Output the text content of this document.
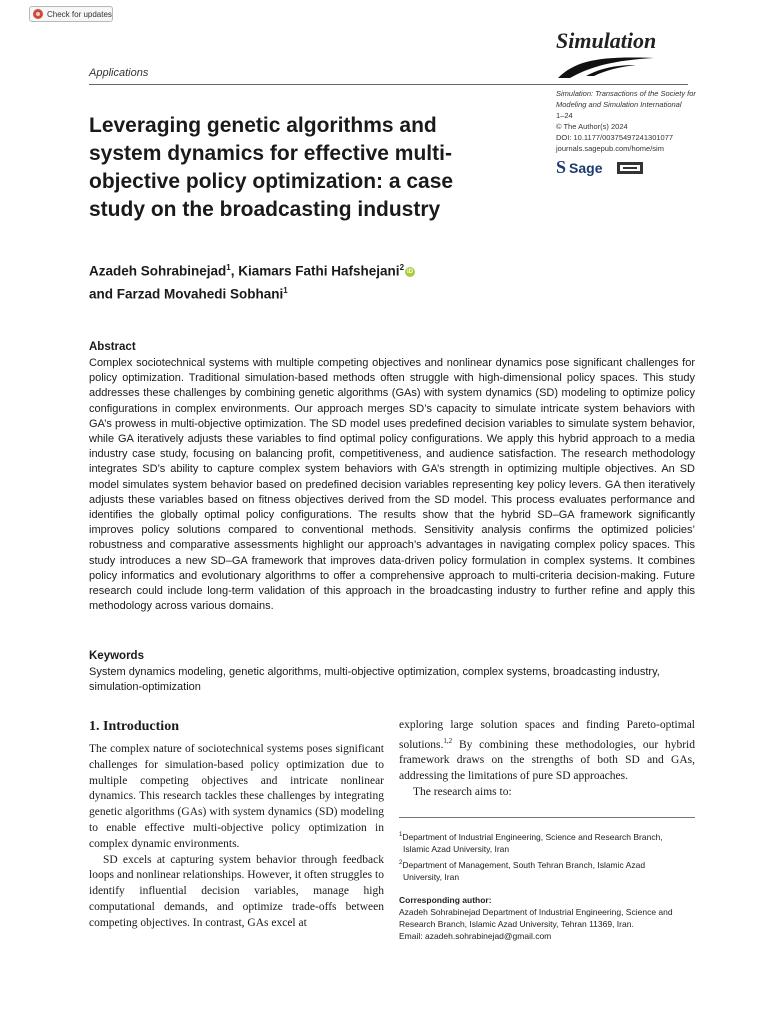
Check for updates
Simulation
Applications
Simulation: Transactions of the Society for Modeling and Simulation International
1–24
© The Author(s) 2024
DOI: 10.1177/00375497241301077
journals.sagepub.com/home/sim
S Sage
Leveraging genetic algorithms and system dynamics for effective multi-objective policy optimization: a case study on the broadcasting industry
Azadeh Sohrabinejad$^1$, Kiamars Fathi Hafshejani$^2$ iD
and Farzad Movahedi Sobhani$^1$
Abstract
Complex sociotechnical systems with multiple competing objectives and nonlinear dynamics pose significant challenges for policy optimization. Traditional simulation-based methods often struggle with high-dimensional policy spaces. This study addresses these challenges by combining genetic algorithms (GAs) with system dynamics (SD) modeling to optimize policy configurations in complex environments. Our approach merges SD’s capacity to simulate intricate system behaviors with GA’s prowess in multi-objective optimization. The SD model uses predefined decision variables to simulate system behavior, while GA iteratively adjusts these variables to find optimal policy configurations. We apply this hybrid approach to a media industry case study, focusing on balancing profit, competitiveness, and audience satisfaction. The research methodology integrates SD’s ability to capture complex system behaviors with GA’s strength in optimizing multiple objectives. An SD model simulates system behavior based on predefined decision variables representing key policy levers. GA then iteratively adjusts these variables based on fitness objectives derived from the SD model. This process evaluates performance and identifies the globally optimal policy configurations. The results show that the hybrid SD–GA framework significantly improves policy solutions compared to conventional methods. Sensitivity analysis confirms the optimized policies’ robustness and comparative assessments highlight our approach’s advantages in navigating complex policy spaces. This study introduces a new SD–GA framework that improves data-driven policy formulation in complex systems. It combines policy informatics and evolutionary algorithms to offer a comprehensive approach to multi-criteria decision-making. Future research could include long-term validation of this approach in the broadcasting industry to further refine and apply this methodology across various domains.
Keywords
System dynamics modeling, genetic algorithms, multi-objective optimization, complex systems, broadcasting industry, simulation-optimization
1. Introduction

The complex nature of sociotechnical systems poses significant challenges for simulation-based policy optimization due to multiple competing objectives and intricate nonlinear dynamics. This research tackles these challenges by integrating genetic algorithms (GAs) with system dynamics (SD) modeling to enable effective multi-objective policy optimization in complex dynamic environments.

SD excels at capturing system behavior through feedback loops and nonlinear relationships. However, it often struggles to identify influential decision variables, manage high computational demands, and optimize trade-offs between competing objectives. In contrast, GAs excel at

exploring large solution spaces and finding Pareto-optimal solutions.$^{1,2}$ By combining these methodologies, our hybrid framework draws on the strengths of both SD and GAs, addressing the limitations of pure SD approaches.

The research aims to:

$^1$Department of Industrial Engineering, Science and Research Branch,
Islamic Azad University, Iran
$^2$Department of Management, South Tehran Branch, Islamic Azad
University, Iran
Corresponding author:
Azadeh Sohrabinejad Department of Industrial Engineering, Science and
Research Branch, Islamic Azad University, Tehran 11369, Iran.
Email: azadeh.sohrabinejad@gmail.com
